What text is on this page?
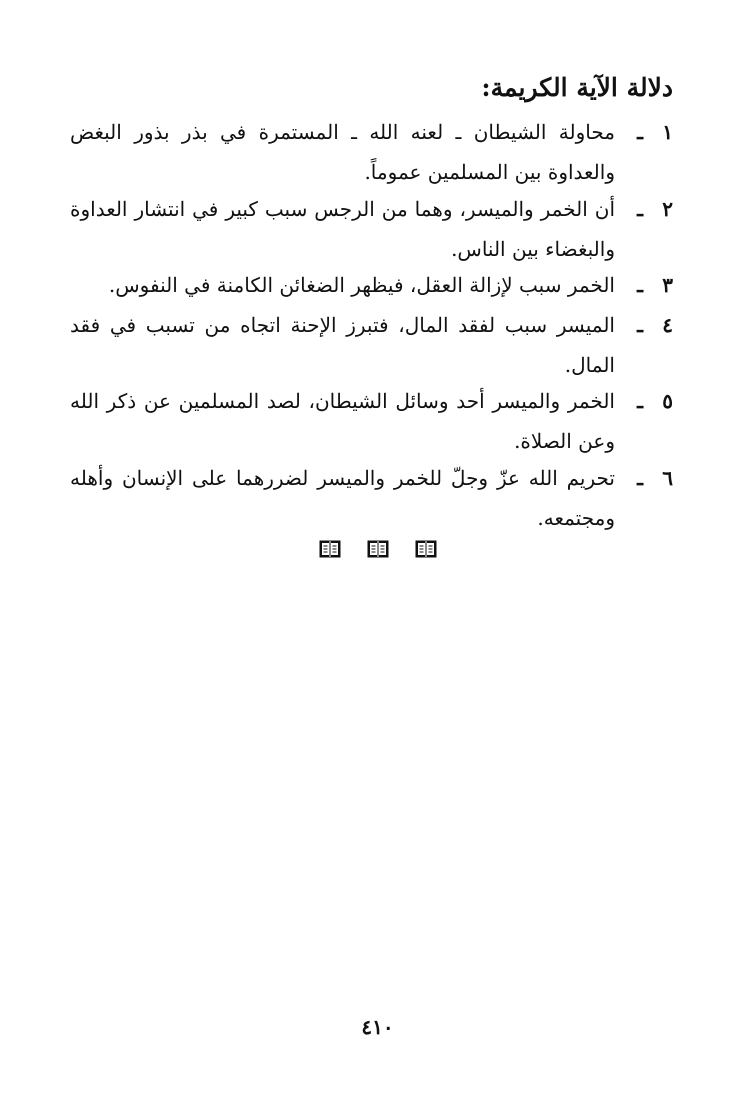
دلالة الآية الكريمة:
١
ـ
محاولة الشيطان ـ لعنه الله ـ المستمرة في بذر بذور البغض والعداوة بين المسلمين عموماً.
٢
ـ
أن الخمر والميسر، وهما من الرجس سبب كبير في انتشار العداوة والبغضاء بين الناس.
٣
ـ
الخمر سبب لإزالة العقل، فيظهر الضغائن الكامنة في النفوس.
٤
ـ
الميسر سبب لفقد المال، فتبرز الإحنة اتجاه من تسبب في فقد المال.
٥
ـ
الخمر والميسر أحد وسائل الشيطان، لصد المسلمين عن ذكر الله وعن الصلاة.
٦
ـ
تحريم الله عزّ وجلّ للخمر والميسر لضررهما على الإنسان وأهله ومجتمعه.
٤١٠
